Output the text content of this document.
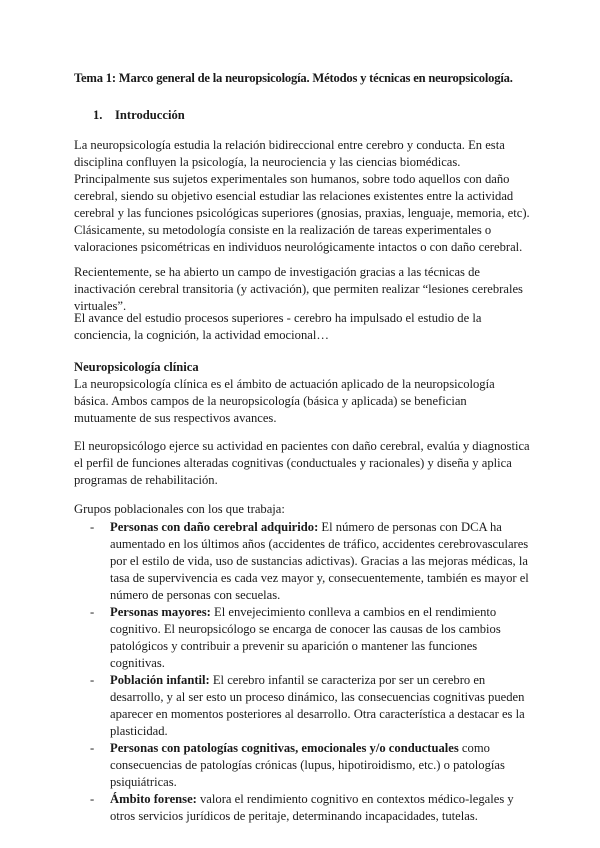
Tema 1: Marco general de la neuropsicología. Métodos y técnicas en neuropsicología.
1. Introducción
La neuropsicología estudia la relación bidireccional entre cerebro y conducta. En esta disciplina confluyen la psicología, la neurociencia y las ciencias biomédicas. Principalmente sus sujetos experimentales son humanos, sobre todo aquellos con daño cerebral, siendo su objetivo esencial estudiar las relaciones existentes entre la actividad cerebral y las funciones psicológicas superiores (gnosias, praxias, lenguaje, memoria, etc). Clásicamente, su metodología consiste en la realización de tareas experimentales o valoraciones psicométricas en individuos neurológicamente intactos o con daño cerebral.
Recientemente, se ha abierto un campo de investigación gracias a las técnicas de inactivación cerebral transitoria (y activación), que permiten realizar “lesiones cerebrales virtuales”.
El avance del estudio procesos superiores - cerebro ha impulsado el estudio de la conciencia, la cognición, la actividad emocional…
Neuropsicología clínica
La neuropsicología clínica es el ámbito de actuación aplicado de la neuropsicología básica. Ambos campos de la neuropsicología (básica y aplicada) se benefician mutuamente de sus respectivos avances.
El neuropsicólogo ejerce su actividad en pacientes con daño cerebral, evalúa y diagnostica el perfil de funciones alteradas cognitivas (conductuales y racionales) y diseña y aplica programas de rehabilitación.
Grupos poblacionales con los que trabaja:
- Personas con daño cerebral adquirido: El número de personas con DCA ha aumentado en los últimos años (accidentes de tráfico, accidentes cerebrovasculares por el estilo de vida, uso de sustancias adictivas). Gracias a las mejoras médicas, la tasa de supervivencia es cada vez mayor y, consecuentemente, también es mayor el número de personas con secuelas.
- Personas mayores: El envejecimiento conlleva a cambios en el rendimiento cognitivo. El neuropsicólogo se encarga de conocer las causas de los cambios patológicos y contribuir a prevenir su aparición o mantener las funciones cognitivas.
- Población infantil: El cerebro infantil se caracteriza por ser un cerebro en desarrollo, y al ser esto un proceso dinámico, las consecuencias cognitivas pueden aparecer en momentos posteriores al desarrollo. Otra característica a destacar es la plasticidad.
- Personas con patologías cognitivas, emocionales y/o conductuales como consecuencias de patologías crónicas (lupus, hipotiroidismo, etc.) o patologías psiquiátricas.
- Ámbito forense: valora el rendimiento cognitivo en contextos médico-legales y otros servicios jurídicos de peritaje, determinando incapacidades, tutelas.
